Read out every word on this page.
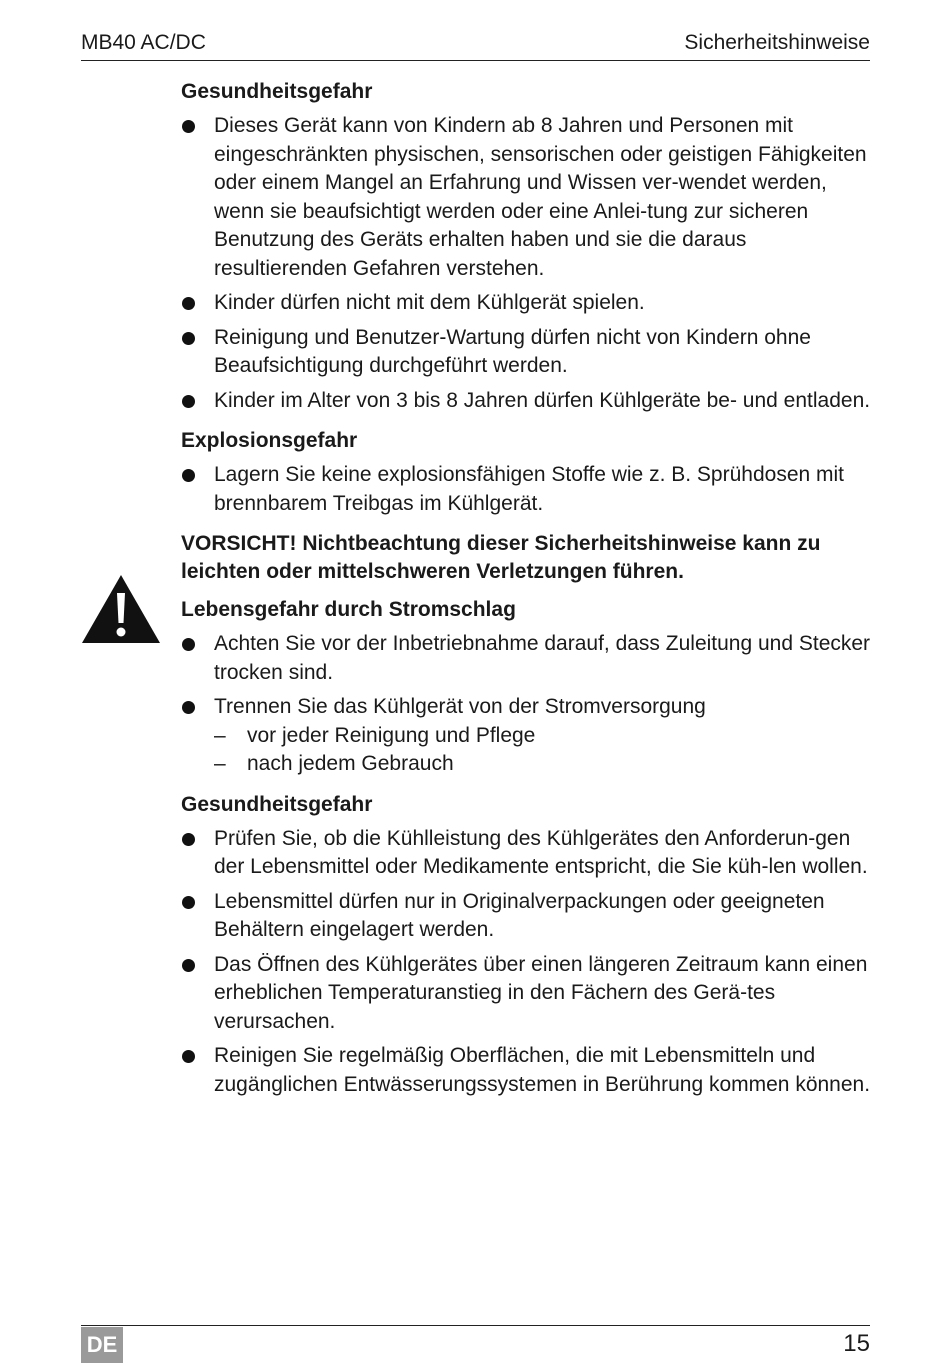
MB40 AC/DC	Sicherheitshinweise
Gesundheitsgefahr
Dieses Gerät kann von Kindern ab 8 Jahren und Personen mit eingeschränkten physischen, sensorischen oder geistigen Fähigkeiten oder einem Mangel an Erfahrung und Wissen ver-wendet werden, wenn sie beaufsichtigt werden oder eine Anlei-tung zur sicheren Benutzung des Geräts erhalten haben und sie die daraus resultierenden Gefahren verstehen.
Kinder dürfen nicht mit dem Kühlgerät spielen.
Reinigung und Benutzer-Wartung dürfen nicht von Kindern ohne Beaufsichtigung durchgeführt werden.
Kinder im Alter von 3 bis 8 Jahren dürfen Kühlgeräte be- und entladen.
Explosionsgefahr
Lagern Sie keine explosionsfähigen Stoffe wie z. B. Sprühdosen mit brennbarem Treibgas im Kühlgerät.
VORSICHT! Nichtbeachtung dieser Sicherheitshinweise kann zu leichten oder mittelschweren Verletzungen führen.
Lebensgefahr durch Stromschlag
Achten Sie vor der Inbetriebnahme darauf, dass Zuleitung und Stecker trocken sind.
Trennen Sie das Kühlgerät von der Stromversorgung
– vor jeder Reinigung und Pflege
– nach jedem Gebrauch
Gesundheitsgefahr
Prüfen Sie, ob die Kühlleistung des Kühlgerätes den Anforderun-gen der Lebensmittel oder Medikamente entspricht, die Sie küh-len wollen.
Lebensmittel dürfen nur in Originalverpackungen oder geeigneten Behältern eingelagert werden.
Das Öffnen des Kühlgerätes über einen längeren Zeitraum kann einen erheblichen Temperaturanstieg in den Fächern des Gerä-tes verursachen.
Reinigen Sie regelmäßig Oberflächen, die mit Lebensmitteln und zugänglichen Entwässerungssystemen in Berührung kommen können.
DE	15
